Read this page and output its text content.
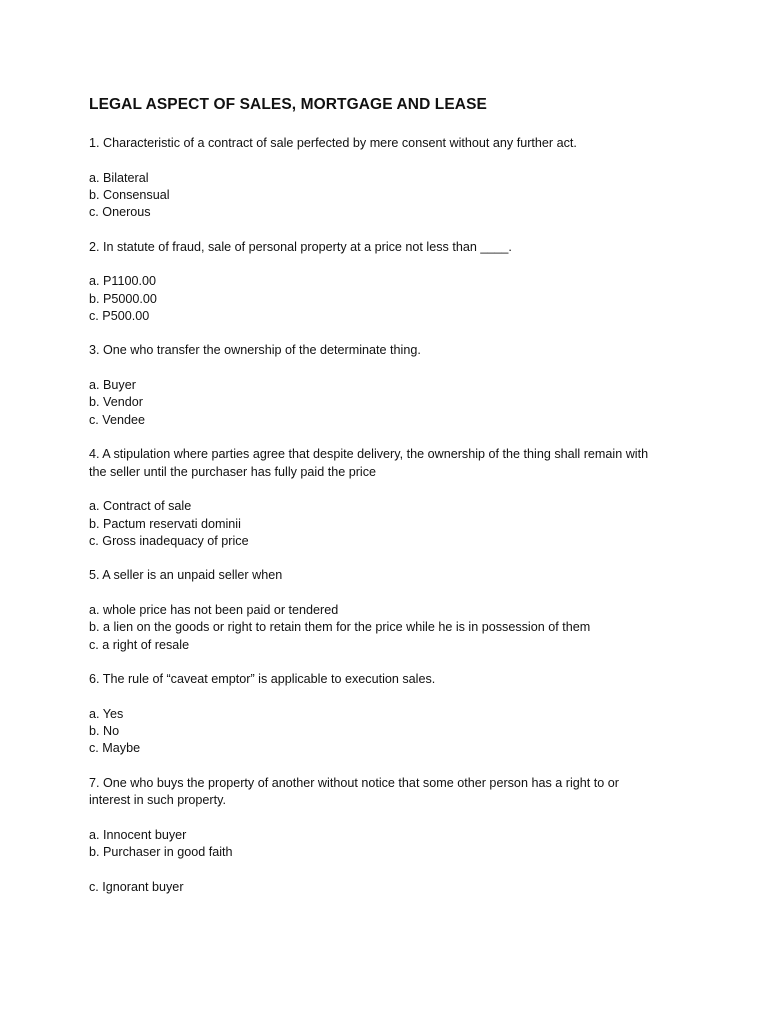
LEGAL ASPECT OF SALES, MORTGAGE AND LEASE

1. Characteristic of a contract of sale perfected by mere consent without any further act.

a. Bilateral

b. Consensual

c. Onerous

2. In statute of fraud, sale of personal property at a price not less than ____.

a. P1100.00

b. P5000.00

c. P500.00

3. One who transfer the ownership of the determinate thing.

a. Buyer

b. Vendor

c. Vendee

4. A stipulation where parties agree that despite delivery, the ownership of the thing shall remain with

the seller until the purchaser has fully paid the price

a. Contract of sale

b. Pactum reservati dominii

c. Gross inadequacy of price

5. A seller is an unpaid seller when

a. whole price has not been paid or tendered

b. a lien on the goods or right to retain them for the price while he is in possession of them

c. a right of resale

6. The rule of “caveat emptor” is applicable to execution sales.

a. Yes

b. No

c. Maybe

7. One who buys the property of another without notice that some other person has a right to or

interest in such property.

a. Innocent buyer

b. Purchaser in good faith

c. Ignorant buyer
